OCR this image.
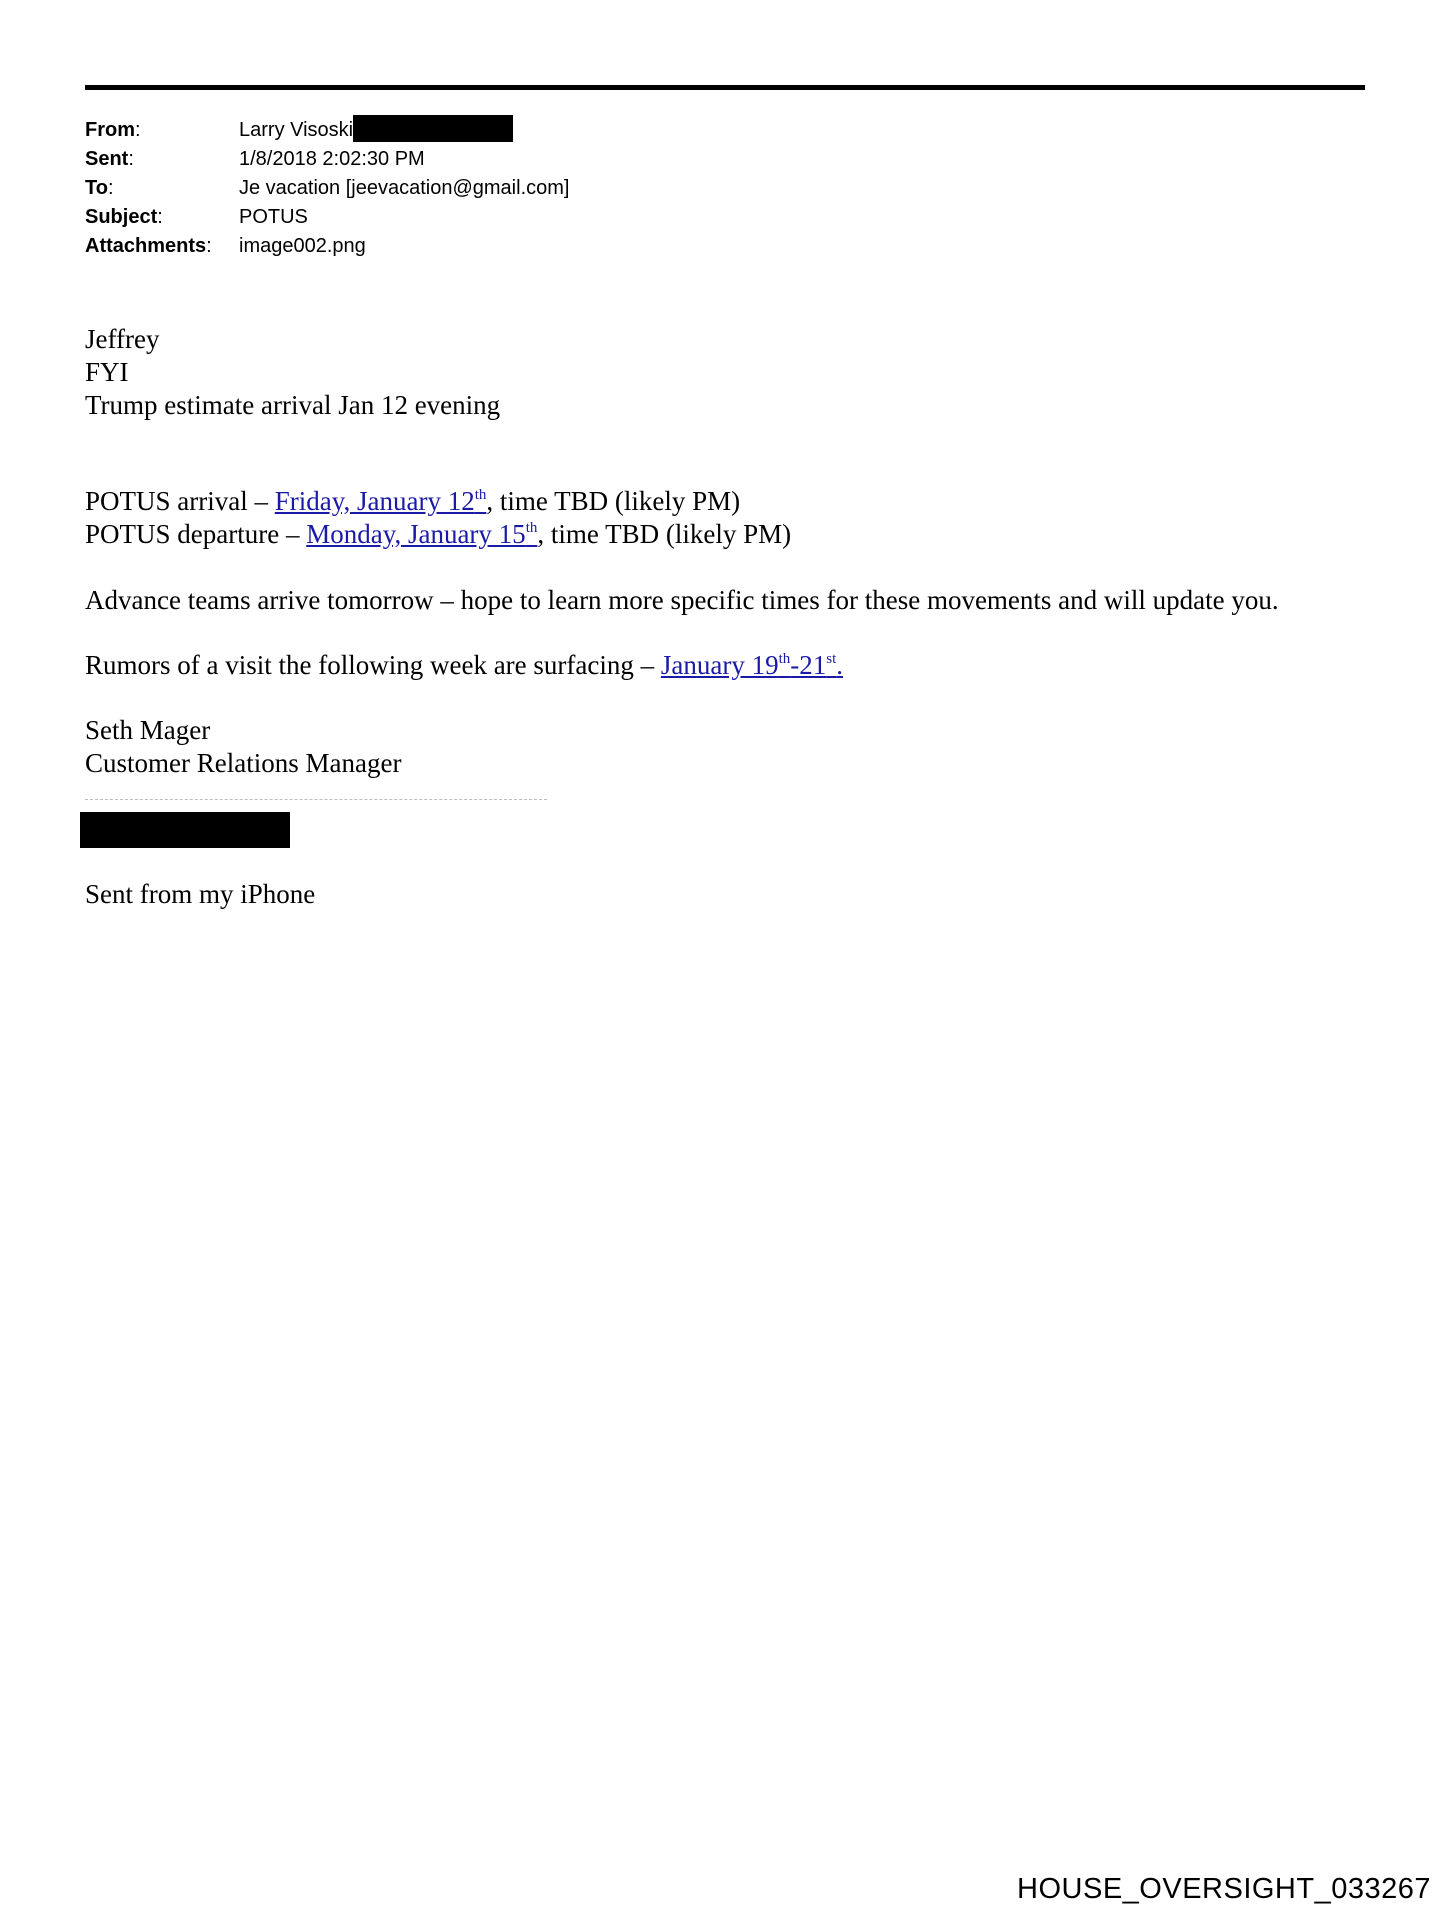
From:	Larry Visoski
Sent:	1/8/2018 2:02:30 PM
To:	Je vacation [jeevacation@gmail.com]
Subject:	POTUS
Attachments:	image002.png
Jeffrey
FYI
Trump estimate arrival Jan 12 evening
POTUS arrival – Friday, January 12th, time TBD (likely PM)
POTUS departure – Monday, January 15th, time TBD (likely PM)
Advance teams arrive tomorrow – hope to learn more specific times for these movements and will update you.
Rumors of a visit the following week are surfacing – January 19th-21st.
Seth Mager
Customer Relations Manager
Sent from my iPhone
HOUSE_OVERSIGHT_033267
